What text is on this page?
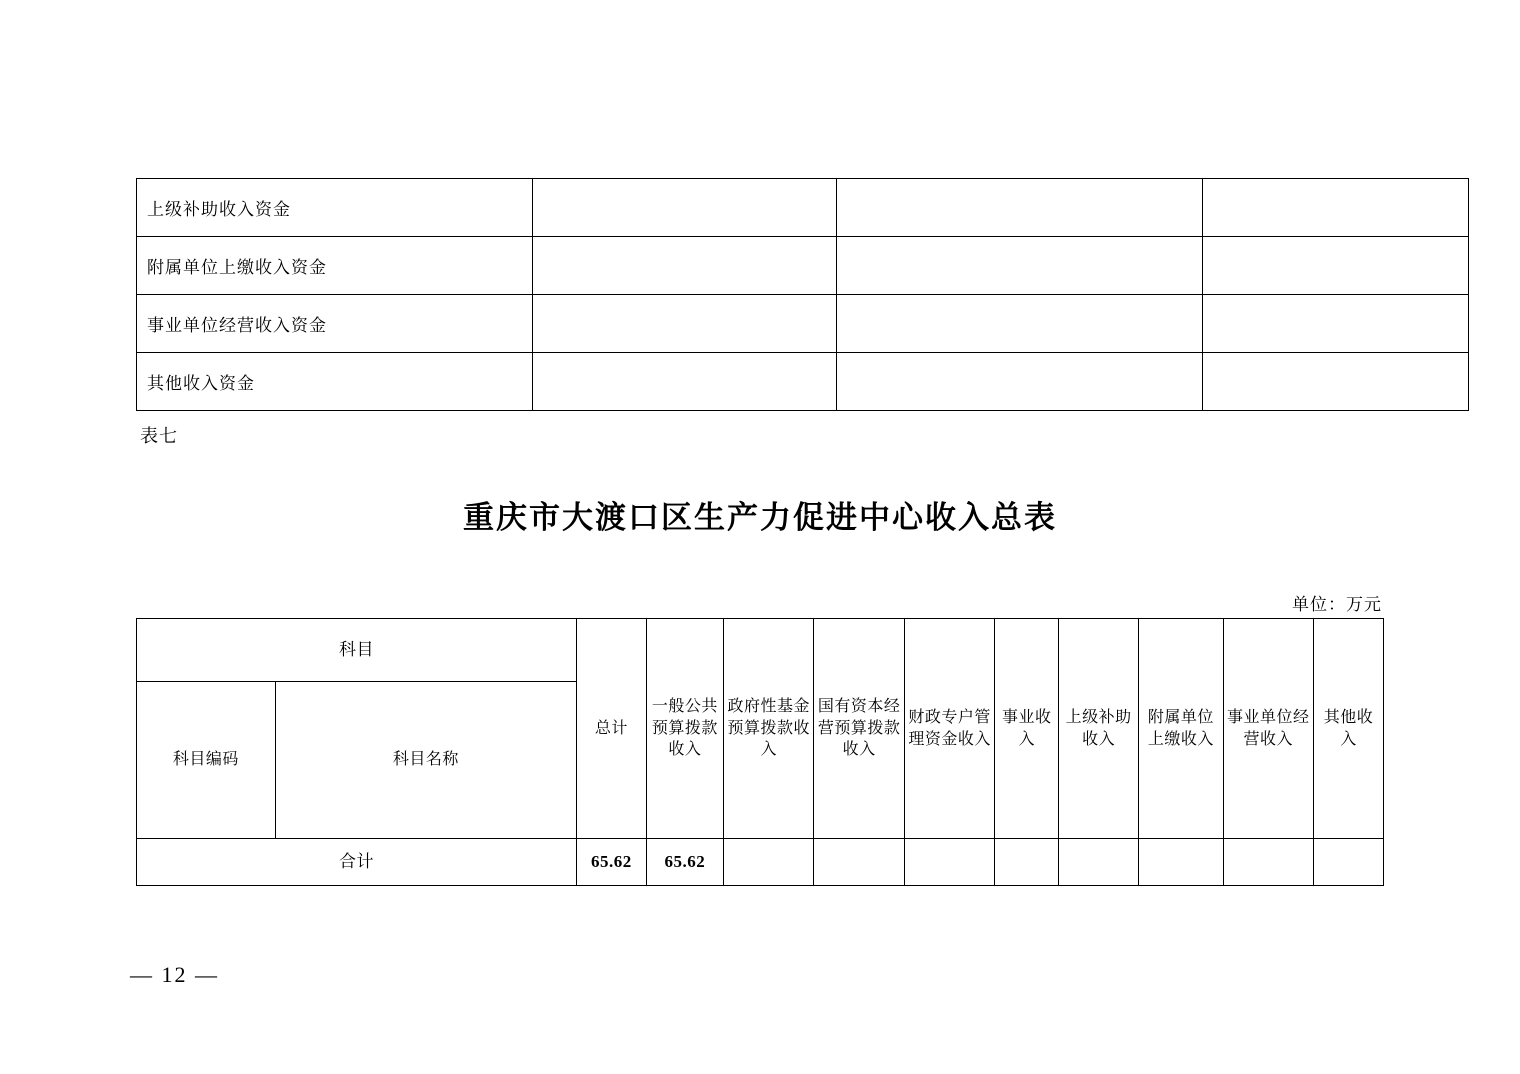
上级补助收入资金			
附属单位上缴收入资金			
事业单位经营收入资金			
其他收入资金			
表七
重庆市大渡口区生产力促进中心收入总表
单位：万元
科目		总计	一般公共预算拨款收入	政府性基金预算拨款收入	国有资本经营预算拨款收入	财政专户管理资金收入	事业收入	上级补助收入	附属单位上缴收入	事业单位经营收入	其他收入
科目编码	科目名称										
合计		65.62	65.62								
— 12 —
